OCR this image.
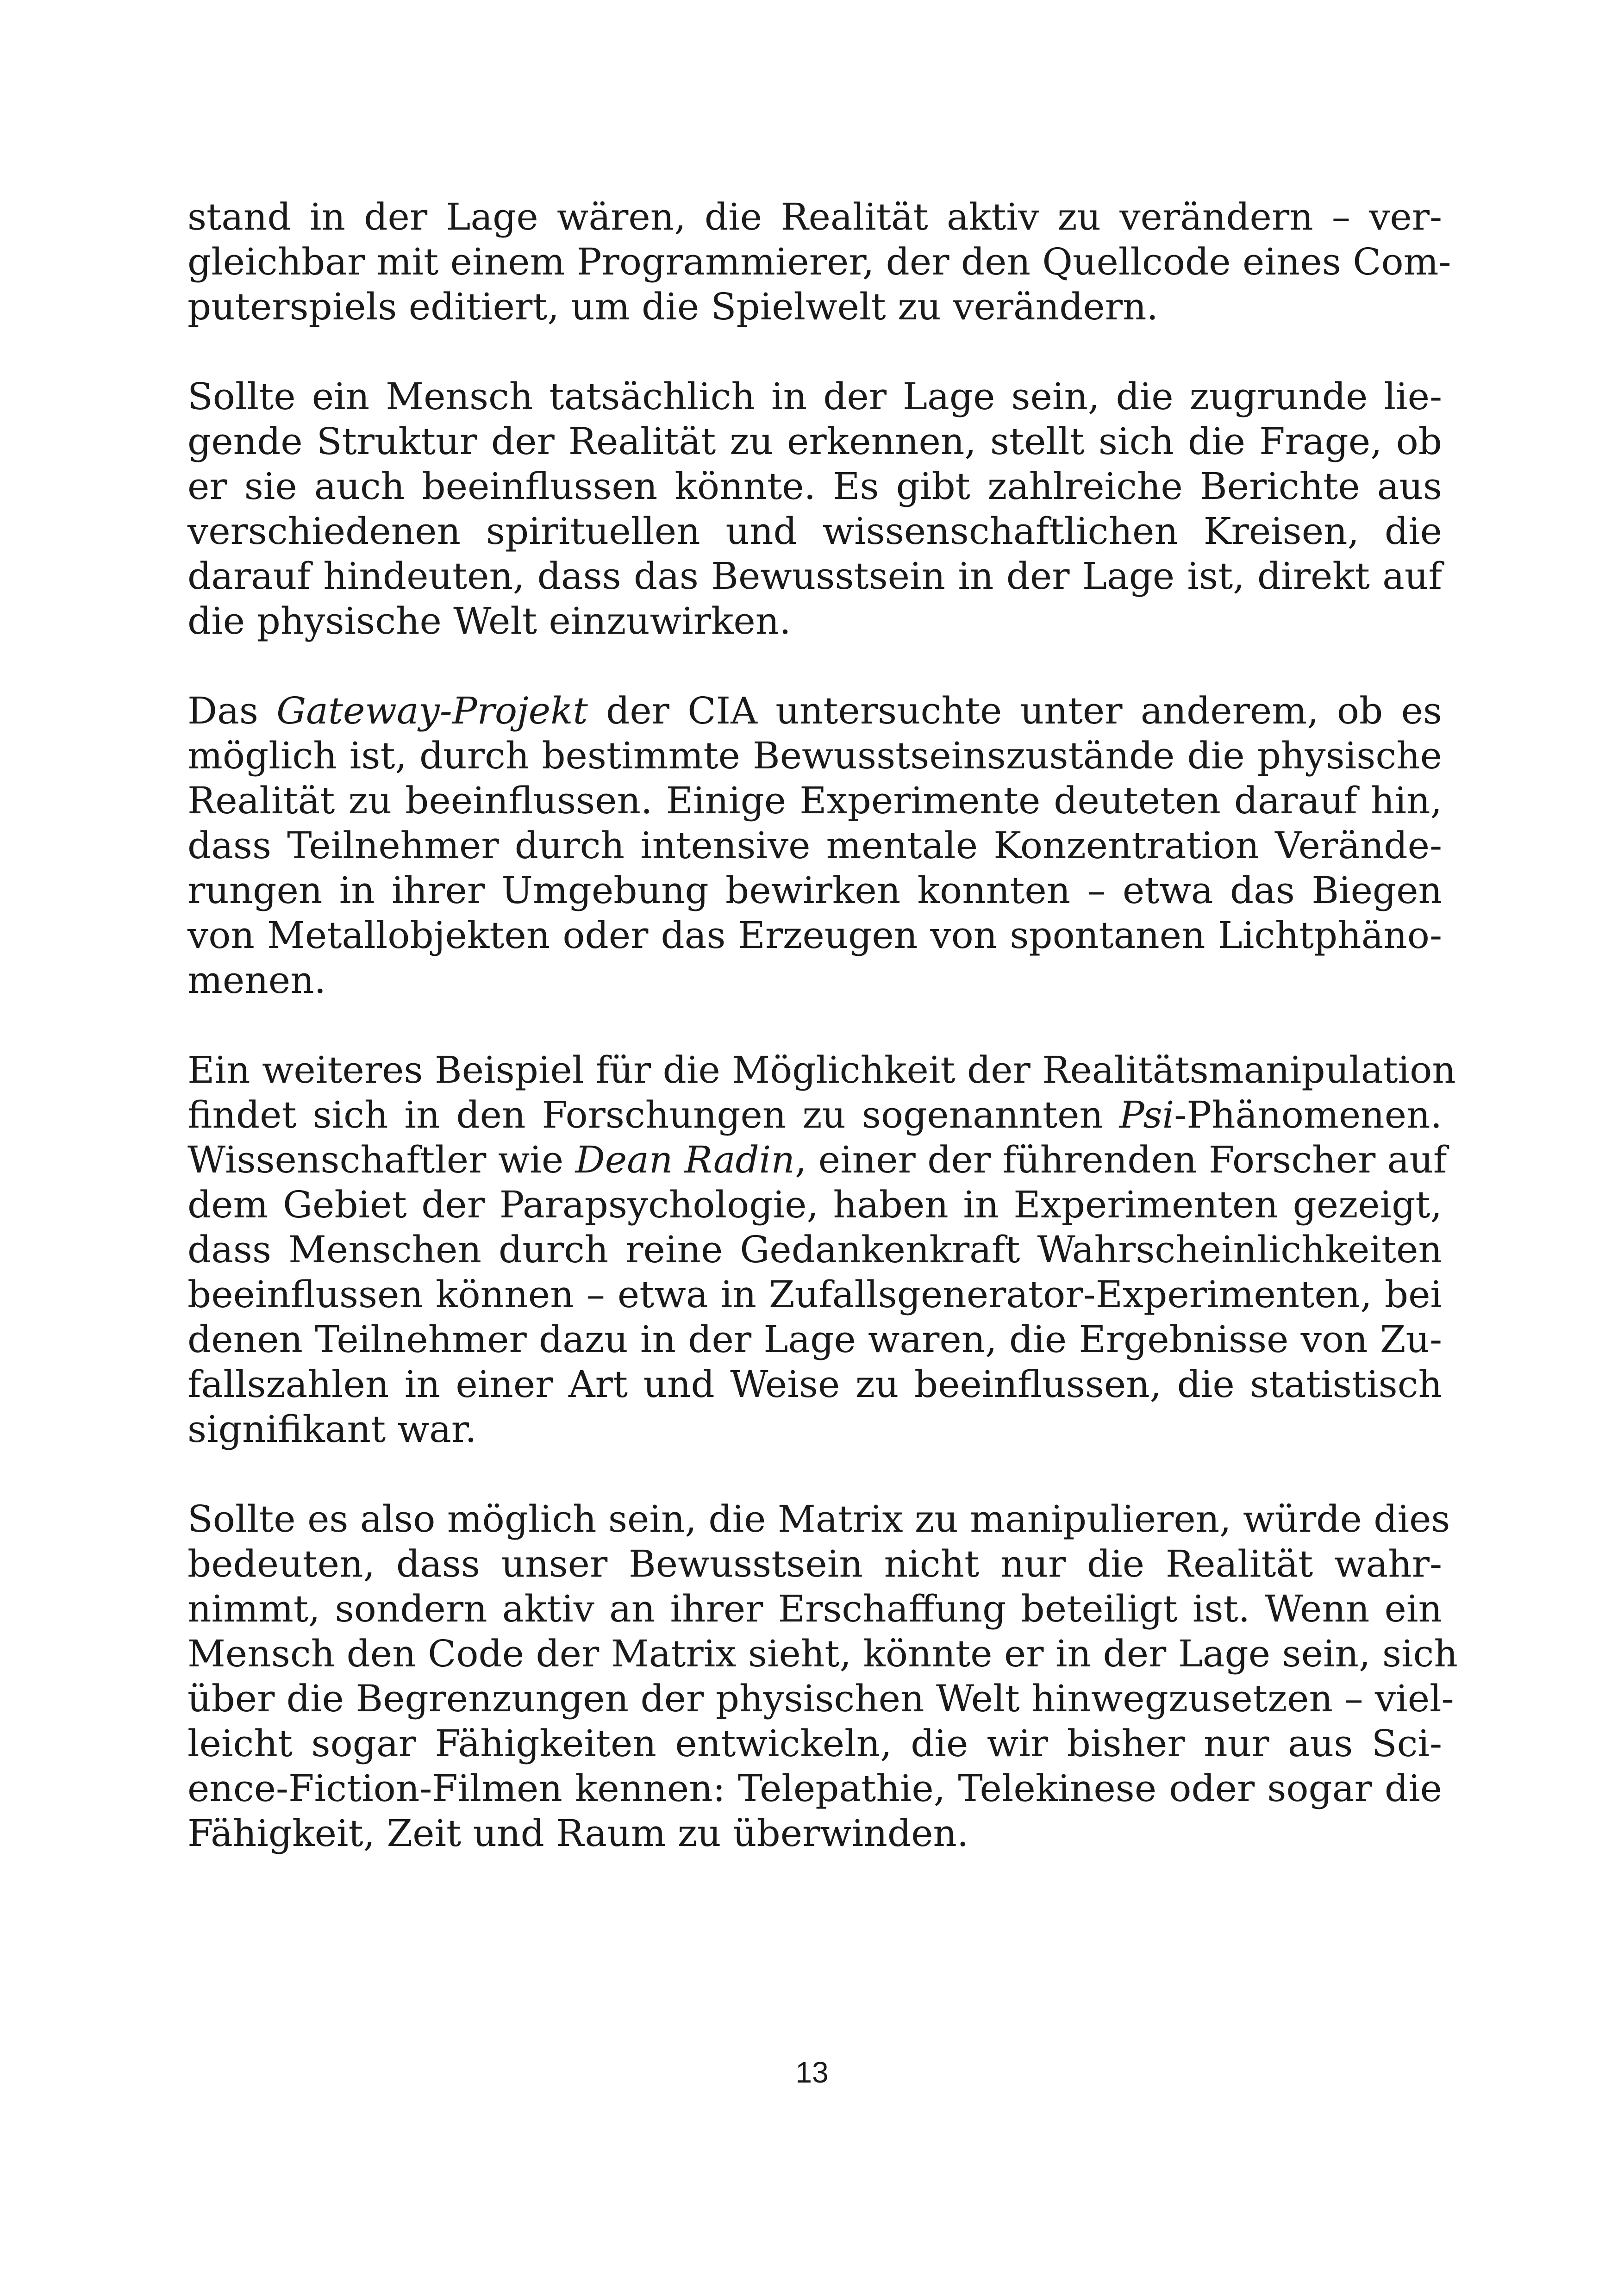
stand in der Lage wären, die Realität aktiv zu verändern – ver-
gleichbar mit einem Programmierer, der den Quellcode eines Com-
puterspiels editiert, um die Spielwelt zu verändern.

Sollte ein Mensch tatsächlich in der Lage sein, die zugrunde lie-
gende Struktur der Realität zu erkennen, stellt sich die Frage, ob
er sie auch beeinflussen könnte. Es gibt zahlreiche Berichte aus
verschiedenen spirituellen und wissenschaftlichen Kreisen, die
darauf hindeuten, dass das Bewusstsein in der Lage ist, direkt auf
die physische Welt einzuwirken.

Das Gateway-Projekt der CIA untersuchte unter anderem, ob es
möglich ist, durch bestimmte Bewusstseinszustände die physische
Realität zu beeinflussen. Einige Experimente deuteten darauf hin,
dass Teilnehmer durch intensive mentale Konzentration Verände-
rungen in ihrer Umgebung bewirken konnten – etwa das Biegen
von Metallobjekten oder das Erzeugen von spontanen Lichtphäno-
menen.

Ein weiteres Beispiel für die Möglichkeit der Realitätsmanipulation
findet sich in den Forschungen zu sogenannten Psi-Phänomenen.
Wissenschaftler wie Dean Radin, einer der führenden Forscher auf
dem Gebiet der Parapsychologie, haben in Experimenten gezeigt,
dass Menschen durch reine Gedankenkraft Wahrscheinlichkeiten
beeinflussen können – etwa in Zufallsgenerator-Experimenten, bei
denen Teilnehmer dazu in der Lage waren, die Ergebnisse von Zu-
fallszahlen in einer Art und Weise zu beeinflussen, die statistisch
signifikant war.

Sollte es also möglich sein, die Matrix zu manipulieren, würde dies
bedeuten, dass unser Bewusstsein nicht nur die Realität wahr-
nimmt, sondern aktiv an ihrer Erschaffung beteiligt ist. Wenn ein
Mensch den Code der Matrix sieht, könnte er in der Lage sein, sich
über die Begrenzungen der physischen Welt hinwegzusetzen – viel-
leicht sogar Fähigkeiten entwickeln, die wir bisher nur aus Sci-
ence-Fiction-Filmen kennen: Telepathie, Telekinese oder sogar die
Fähigkeit, Zeit und Raum zu überwinden.

13
